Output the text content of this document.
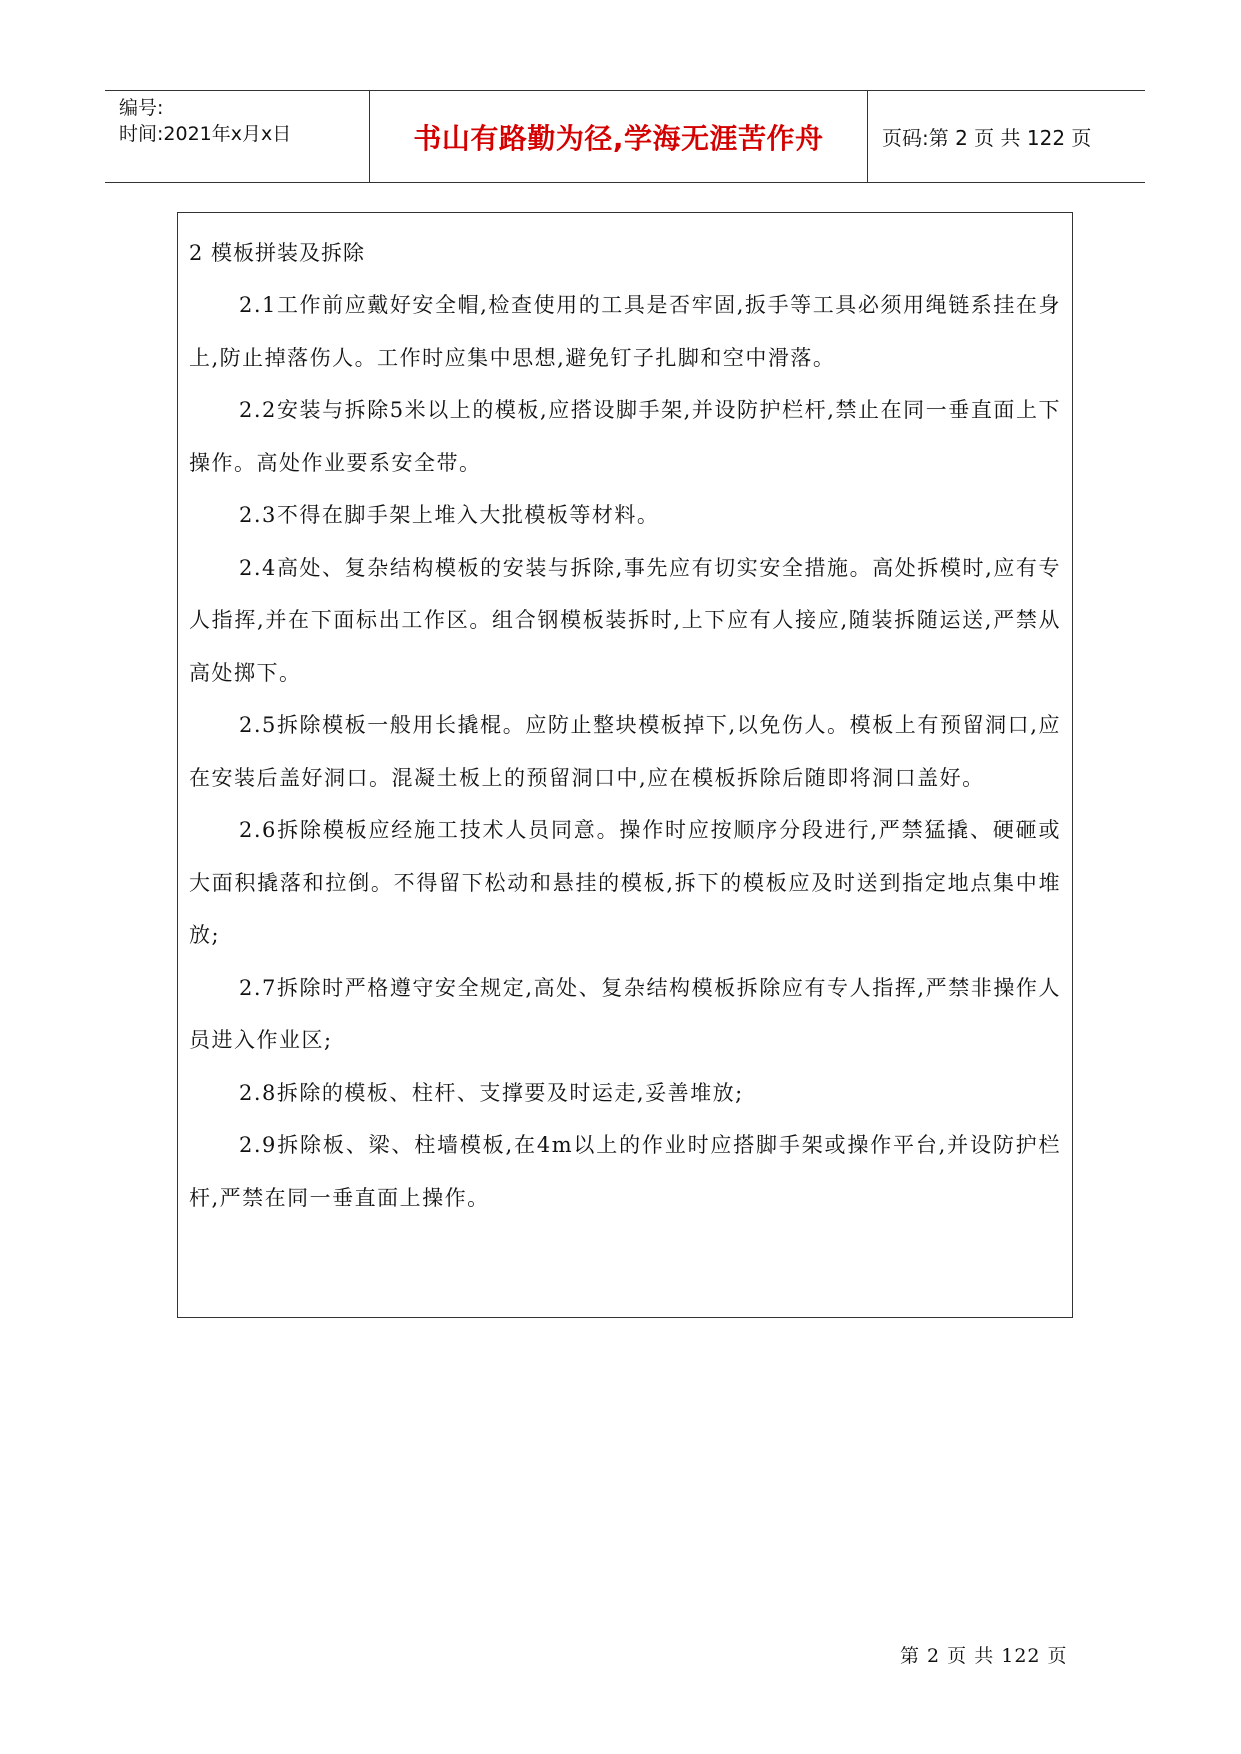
编号:
时间:2021年x月x日	书山有路勤为径,学海无涯苦作舟	页码:第 2 页 共 122 页

2 模板拼装及拆除

2.1工作前应戴好安全帽,检查使用的工具是否牢固,扳手等工具必须用绳链系挂在身上,防止掉落伤人。工作时应集中思想,避免钉子扎脚和空中滑落。

2.2安装与拆除5米以上的模板,应搭设脚手架,并设防护栏杆,禁止在同一垂直面上下操作。高处作业要系安全带。

2.3不得在脚手架上堆入大批模板等材料。

2.4高处、复杂结构模板的安装与拆除,事先应有切实安全措施。高处拆模时,应有专人指挥,并在下面标出工作区。组合钢模板装拆时,上下应有人接应,随装拆随运送,严禁从高处掷下。

2.5拆除模板一般用长撬棍。应防止整块模板掉下,以免伤人。模板上有预留洞口,应在安装后盖好洞口。混凝土板上的预留洞口中,应在模板拆除后随即将洞口盖好。

2.6拆除模板应经施工技术人员同意。操作时应按顺序分段进行,严禁猛撬、硬砸或大面积撬落和拉倒。不得留下松动和悬挂的模板,拆下的模板应及时送到指定地点集中堆放;

2.7拆除时严格遵守安全规定,高处、复杂结构模板拆除应有专人指挥,严禁非操作人员进入作业区;

2.8拆除的模板、柱杆、支撑要及时运走,妥善堆放;

2.9拆除板、梁、柱墙模板,在4m以上的作业时应搭脚手架或操作平台,并设防护栏杆,严禁在同一垂直面上操作。

第 2 页 共 122 页
